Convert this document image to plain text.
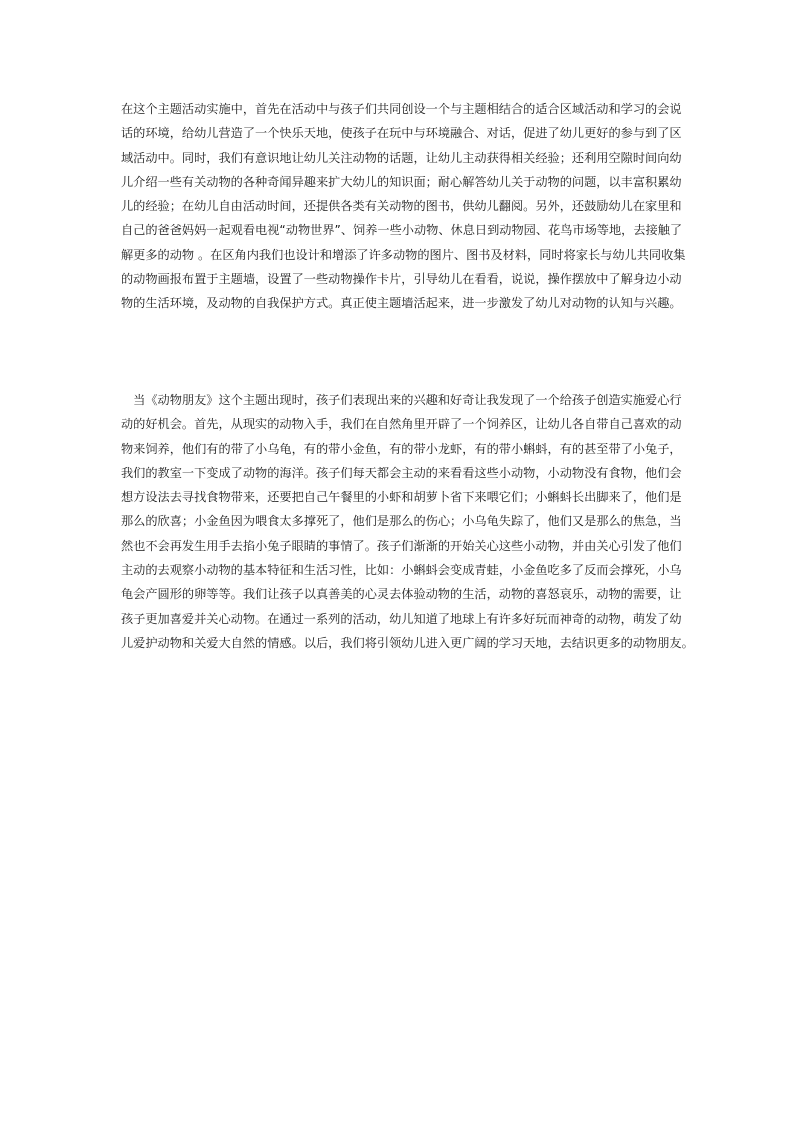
在这个主题活动实施中，首先在活动中与孩子们共同创设一个与主题相结合的适合区域活动和学习的会说
话的环境，给幼儿营造了一个快乐天地，使孩子在玩中与环境融合、对话，促进了幼儿更好的参与到了区
域活动中。同时，我们有意识地让幼儿关注动物的话题，让幼儿主动获得相关经验；还利用空隙时间向幼
儿介绍一些有关动物的各种奇闻异趣来扩大幼儿的知识面；耐心解答幼儿关于动物的问题，以丰富积累幼
儿的经验；在幼儿自由活动时间，还提供各类有关动物的图书，供幼儿翻阅。另外，还鼓励幼儿在家里和
自己的爸爸妈妈一起观看电视“动物世界”、饲养一些小动物、休息日到动物园、花鸟市场等地，去接触了
解更多的动物 。在区角内我们也设计和增添了许多动物的图片、图书及材料，同时将家长与幼儿共同收集
的动物画报布置于主题墙，设置了一些动物操作卡片，引导幼儿在看看，说说，操作摆放中了解身边小动
物的生活环境，及动物的自我保护方式。真正使主题墙活起来，进一步激发了幼儿对动物的认知与兴趣。
　当《动物朋友》这个主题出现时，孩子们表现出来的兴趣和好奇让我发现了一个给孩子创造实施爱心行
动的好机会。首先，从现实的动物入手，我们在自然角里开辟了一个饲养区，让幼儿各自带自己喜欢的动
物来饲养，他们有的带了小乌龟，有的带小金鱼，有的带小龙虾，有的带小蝌蚪，有的甚至带了小兔子，
我们的教室一下变成了动物的海洋。孩子们每天都会主动的来看看这些小动物，小动物没有食物，他们会
想方设法去寻找食物带来，还要把自己午餐里的小虾和胡萝卜省下来喂它们；小蝌蚪长出脚来了，他们是
那么的欣喜；小金鱼因为喂食太多撑死了，他们是那么的伤心；小乌龟失踪了，他们又是那么的焦急，当
然也不会再发生用手去掐小兔子眼睛的事情了。孩子们渐渐的开始关心这些小动物，并由关心引发了他们
主动的去观察小动物的基本特征和生活习性，比如：小蝌蚪会变成青蛙，小金鱼吃多了反而会撑死，小乌
龟会产圆形的卵等等。我们让孩子以真善美的心灵去体验动物的生活，动物的喜怒哀乐，动物的需要，让
孩子更加喜爱并关心动物。在通过一系列的活动，幼儿知道了地球上有许多好玩而神奇的动物，萌发了幼
儿爱护动物和关爱大自然的情感。以后，我们将引领幼儿进入更广阔的学习天地，去结识更多的动物朋友。
